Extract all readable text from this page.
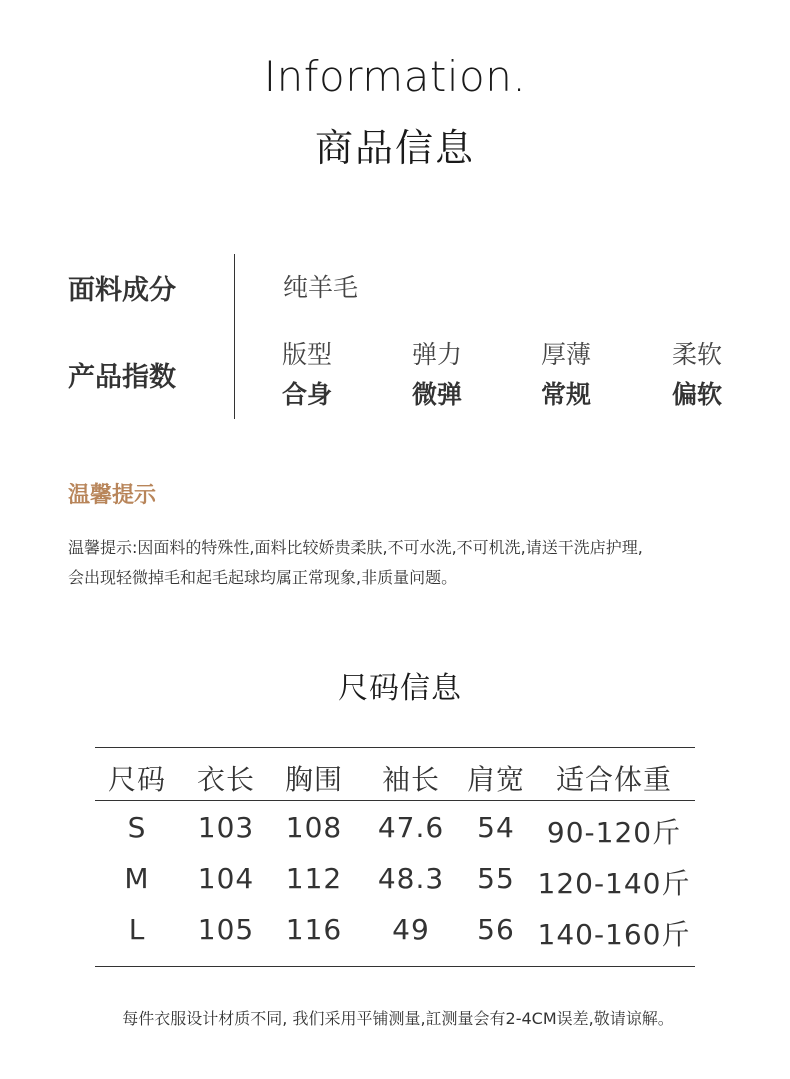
Information.
商品信息
面料成分
产品指数
纯羊毛
版型
合身
弹力
微弹
厚薄
常规
柔软
偏软
温馨提示
温馨提示:因面料的特殊性,面料比较娇贵柔肤,不可水洗,不可机洗,请送干洗店护理,
会出现轻微掉毛和起毛起球均属正常现象,非质量问题。
尺码信息
尺码 衣长 胸围 袖长 肩宽 适合体重
S 103 108 47.6 54 90-120斤
M 104 112 48.3 55 120-140斤
L 105 116 49 56 140-160斤
每件衣服设计材质不同, 我们采用平铺测量,訌测量会有2-4CM误差,敬请谅解。
